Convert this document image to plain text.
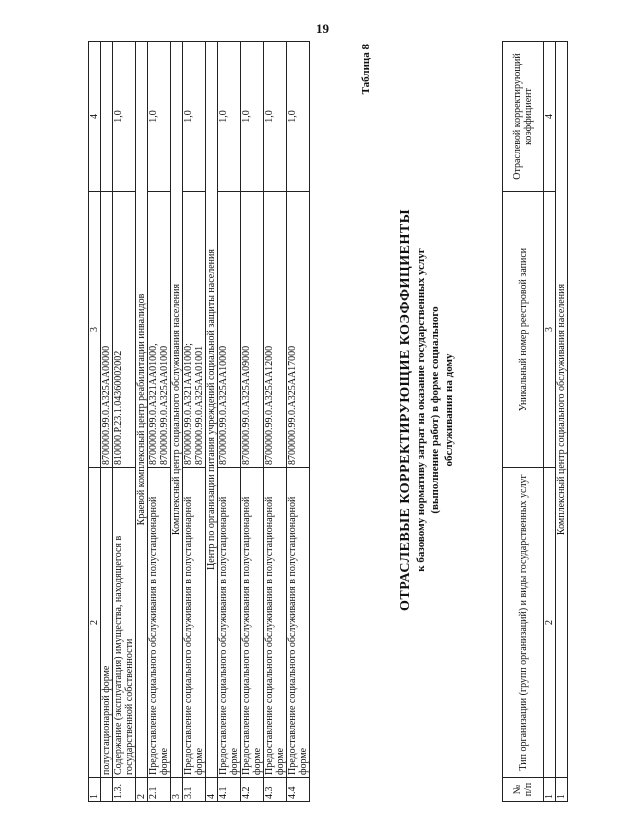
19
1	2	3	4
	полустационарной форме	8700000.99.0.А325АА00000	

1.3.	Содержание (эксплуатация) имущества, находящегося в государственной собственности	810000.Р.23.1.04360002002	1,0
2	Краевой комплексный центр реабилитации инвалидов		
2.1	Предоставление социального обслуживания в полустационарной форме	8700000.99.0.А321АА01000, 8700000.99.0.А325АА01000	1,0
3	Комплексный центр социального обслуживания населения		
3.1	Предоставление социального обслуживания в полустационарной форме	8700000.99.0.А321АА01000; 8700000.99.0.А325АА01001	1,0
4	Центр по организации питания учреждений социальной защиты населения		
4.1	Предоставление социального обслуживания в полустационарной форме	8700000.99.0.А325АА10000	1,0
4.2	Предоставление социального обслуживания в полустационарной форме	8700000.99.0.А325АА09000	1,0
4.3	Предоставление социального обслуживания в полустационарной форме	8700000.99.0.А325АА12000	1,0
4.4	Предоставление социального обслуживания в полустационарной форме	8700000.99.0.А325АА17000	1,0
Таблица 8
ОТРАСЛЕВЫЕ КОРРЕКТИРУЮЩИЕ КОЭФФИЦИЕНТЫ к базовому нормативу затрат на оказание государственных услуг (выполнение работ) в форме социального обслуживания на дому
№ п/п	Тип организации (групп организаций) и виды государственных услуг	Уникальный номер реестровой записи	Отраслевой корректирующий коэффициент
1	2	3	4
1	Комплексный центр социального обслуживания населения		
